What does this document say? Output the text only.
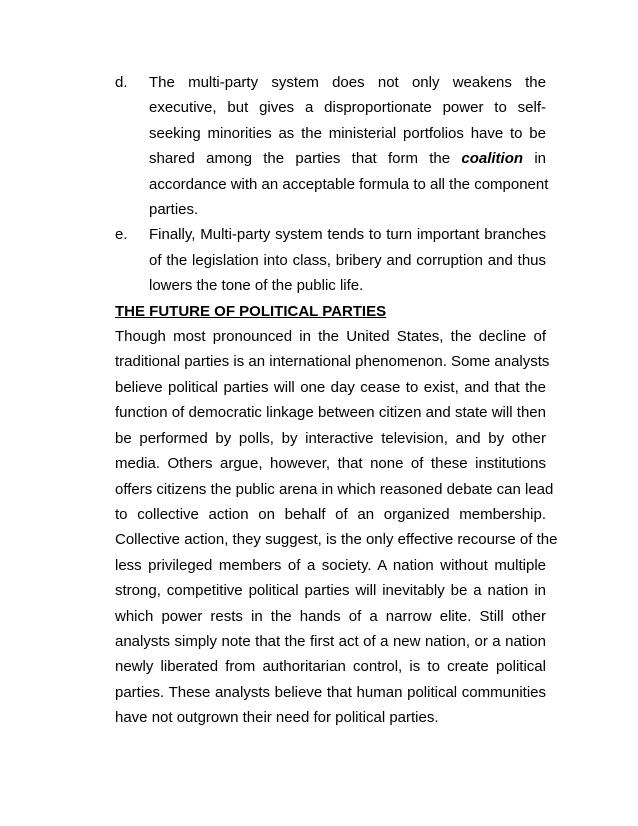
d. The multi-party system does not only weakens the
executive, but gives a disproportionate power to self-
seeking minorities as the ministerial portfolios have to be
shared among the parties that form the coalition in
accordance with an acceptable formula to all the component
parties.
e. Finally, Multi-party system tends to turn important branches
of the legislation into class, bribery and corruption and thus
lowers the tone of the public life.
THE FUTURE OF POLITICAL PARTIES
Though most pronounced in the United States, the decline of
traditional parties is an international phenomenon. Some analysts
believe political parties will one day cease to exist, and that the
function of democratic linkage between citizen and state will then
be performed by polls, by interactive television, and by other
media. Others argue, however, that none of these institutions
offers citizens the public arena in which reasoned debate can lead
to collective action on behalf of an organized membership.
Collective action, they suggest, is the only effective recourse of the
less privileged members of a society. A nation without multiple
strong, competitive political parties will inevitably be a nation in
which power rests in the hands of a narrow elite. Still other
analysts simply note that the first act of a new nation, or a nation
newly liberated from authoritarian control, is to create political
parties. These analysts believe that human political communities
have not outgrown their need for political parties.
